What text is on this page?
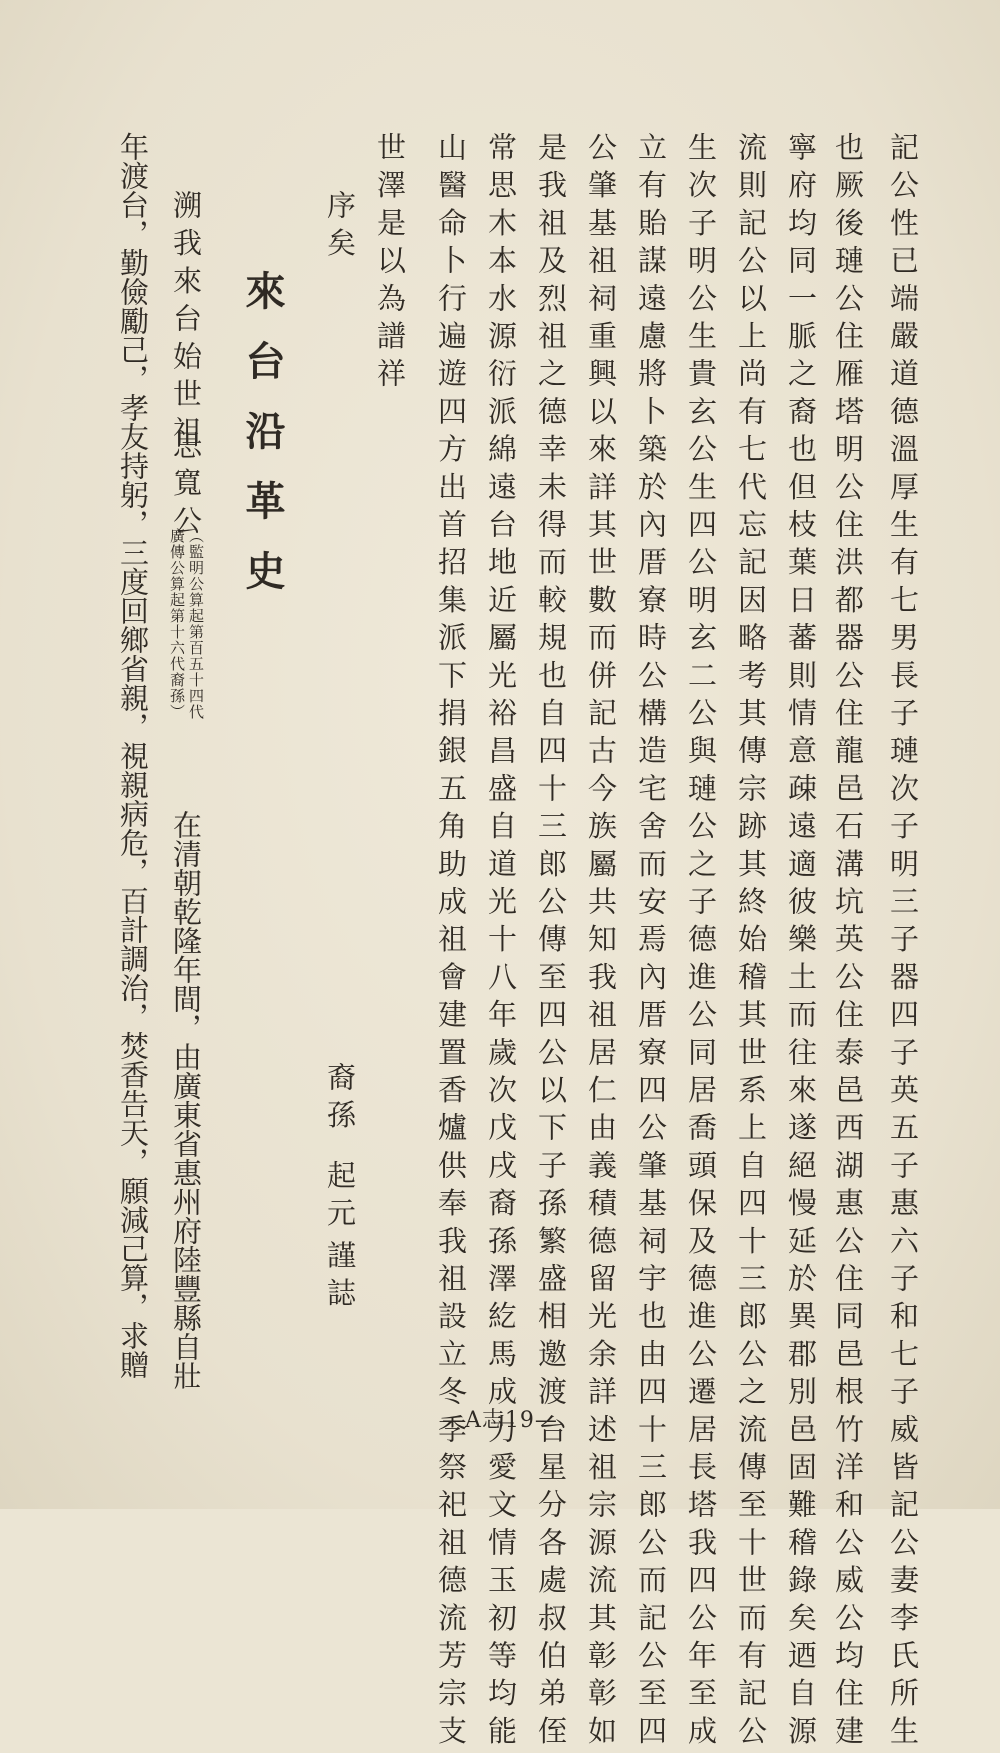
記公性已端嚴道德溫厚生有七男長子璉次子明三子器四子英五子惠六子和七子威皆記公妻李氏所生
也厥後璉公住雁塔明公住洪都器公住龍邑石溝坑英公住泰邑西湖惠公住同邑根竹洋和公威公均住建
寧府均同一脈之裔也但枝葉日蕃則情意疎遠適彼樂土而往來遂絕慢延於異郡別邑固難稽錄矣迺自源
流則記公以上尚有七代忘記因略考其傳宗跡其終始稽其世系上自四十三郎公之流傳至十世而有記公
生次子明公生貴玄公生四公明玄二公與璉公之子德進公同居喬頭保及德進公遷居長塔我四公年至成
立有貽謀遠慮將卜築於內厝寮時公構造宅舍而安焉內厝寮四公肇基祠宇也由四十三郎公而記公至四
公肇基祖祠重興以來詳其世數而併記古今族屬共知我祖居仁由義積德留光余詳述祖宗源流其彰彰如
是我祖及烈祖之德幸未得而較規也自四十三郎公傳至四公以下子孫繁盛相邀渡台星分各處叔伯弟侄
常思木本水源衍派綿遠台地近屬光裕昌盛自道光十八年歲次戊戌裔孫澤紇馬成力愛文情玉初等均能
山醫命卜行遍遊四方出首招集派下捐銀五角助成祖會建置香爐供奉我祖設立冬季祭祀祖德流芳宗支
世澤是以為譜祥
序矣
裔孫
起元
謹誌
來台沿革史
溯我來台始世祖
思寬公
（監明公算起第百五十四代
廣傳公算起第十六代裔孫）
在清朝乾隆年間，由廣東省惠州府陸豐縣自壯
年渡台，勤儉勵己，孝友持躬，三度回鄉省親，視親病危，百計調治，焚香告天，願減己算，求贈
—A志19—
